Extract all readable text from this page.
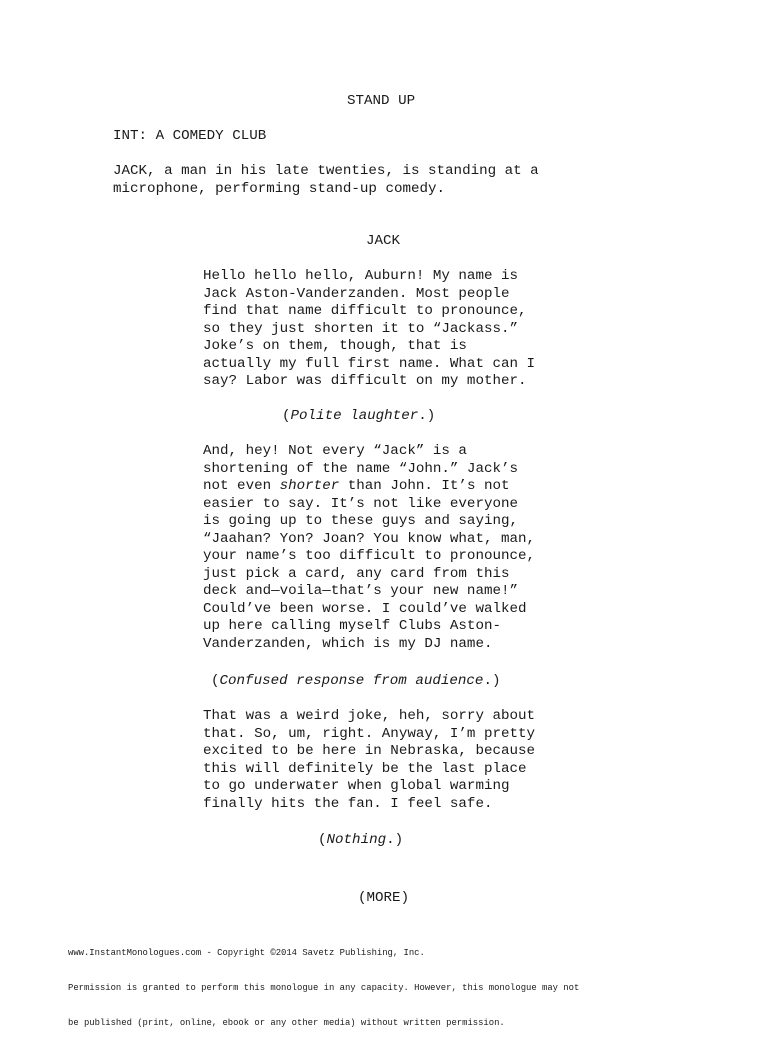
STAND UP
INT: A COMEDY CLUB
JACK, a man in his late twenties, is standing at a
microphone, performing stand-up comedy.
JACK
Hello hello hello, Auburn! My name is
Jack Aston-Vanderzanden. Most people
find that name difficult to pronounce,
so they just shorten it to “Jackass.”
Joke’s on them, though, that is
actually my full first name. What can I
say? Labor was difficult on my mother.
(Polite laughter.)
And, hey! Not every “Jack” is a
shortening of the name “John.” Jack’s
not even shorter than John. It’s not
easier to say. It’s not like everyone
is going up to these guys and saying,
“Jaahan? Yon? Joan? You know what, man,
your name’s too difficult to pronounce,
just pick a card, any card from this
deck and—voila—that’s your new name!”
Could’ve been worse. I could’ve walked
up here calling myself Clubs Aston-
Vanderzanden, which is my DJ name.
(Confused response from audience.)
That was a weird joke, heh, sorry about
that. So, um, right. Anyway, I’m pretty
excited to be here in Nebraska, because
this will definitely be the last place
to go underwater when global warming
finally hits the fan. I feel safe.
(Nothing.)
(MORE)

www.InstantMonologues.com - Copyright ©2014 Savetz Publishing, Inc.

Permission is granted to perform this monologue in any capacity. However, this monologue may not

be published (print, online, ebook or any other media) without written permission.
